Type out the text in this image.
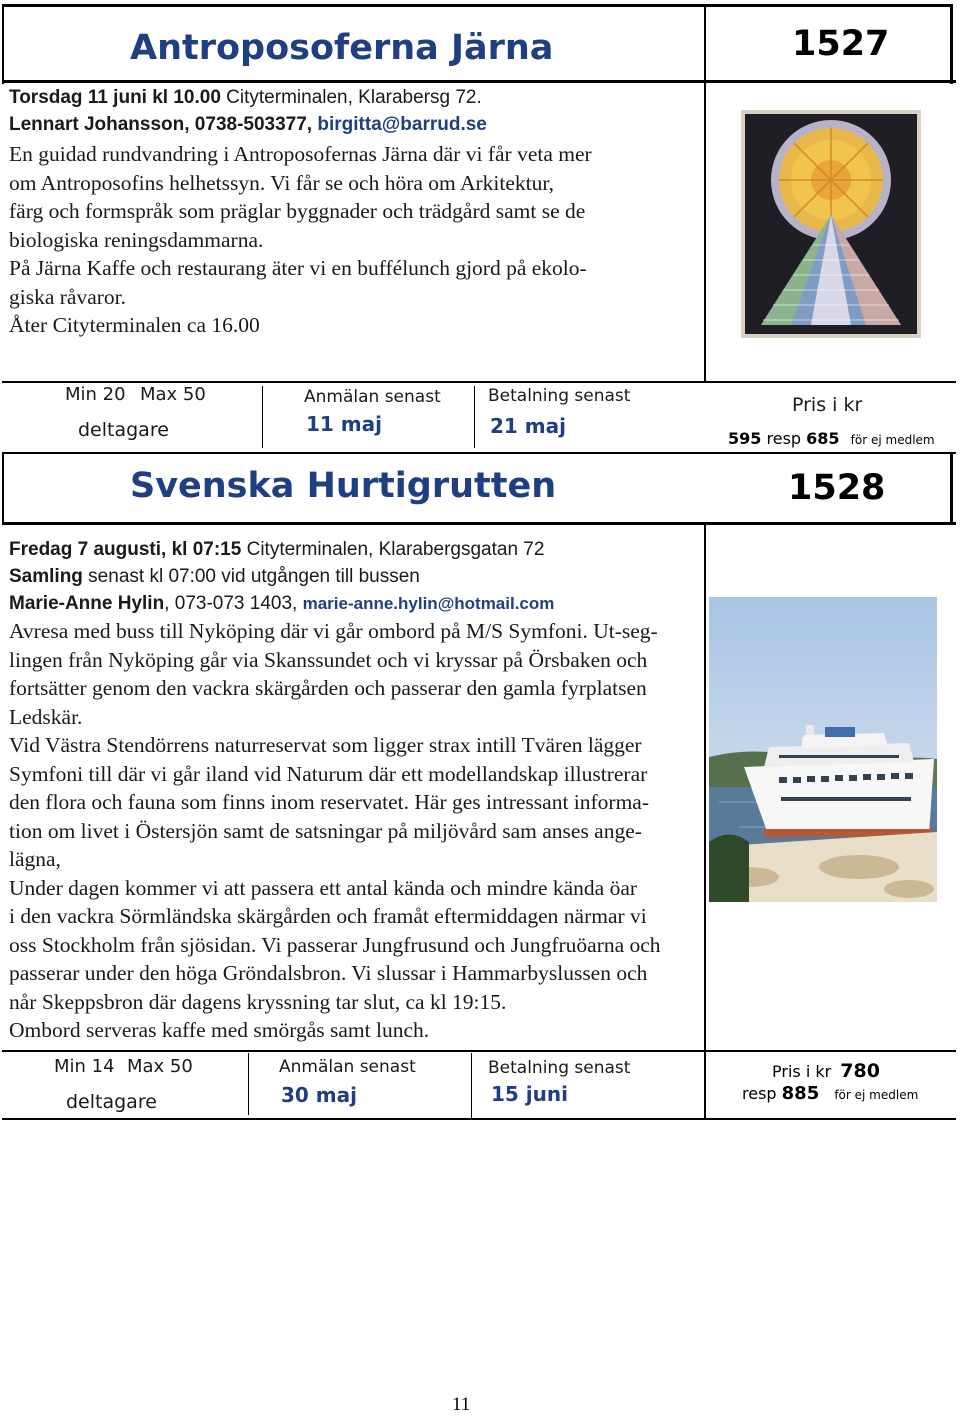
Antroposoferna Järna	1527
Torsdag 11 juni kl 10.00 Cityterminalen, Klarabersg 72.
Lennart Johansson, 0738-503377, birgitta@barrud.se
En guidad rundvandring i Antroposofernas Järna där vi får veta mer
om Antroposofins helhetssyn. Vi får se och höra om Arkitektur,
färg och formspråk som präglar byggnader och trädgård samt se de
biologiska reningsdammarna.
På Järna Kaffe och restaurang äter vi en buffélunch gjord på ekolo-
giska råvaror.
Åter Cityterminalen ca 16.00
Min 20 Max 50
deltagare
Anmälan senast
11 maj
Betalning senast
21 maj
Pris i kr
595 resp 685 för ej medlem
Svenska Hurtigrutten	1528
Fredag 7 augusti, kl 07:15 Cityterminalen, Klarabergsgatan 72
Samling senast kl 07:00 vid utgången till bussen
Marie-Anne Hylin, 073-073 1403, marie-anne.hylin@hotmail.com
Avresa med buss till Nyköping där vi går ombord på M/S Symfoni. Ut-seg-
lingen från Nyköping går via Skanssundet och vi kryssar på Örsbaken och
fortsätter genom den vackra skärgården och passerar den gamla fyrplatsen
Ledskär.
Vid Västra Stendörrens naturreservat som ligger strax intill Tvären lägger
Symfoni till där vi går iland vid Naturum där ett modellandskap illustrerar
den flora och fauna som finns inom reservatet. Här ges intressant informa-
tion om livet i Östersjön samt de satsningar på miljövård sam anses ange-
lägna,
Under dagen kommer vi att passera ett antal kända och mindre kända öar
i den vackra Sörmländska skärgården och framåt eftermiddagen närmar vi
oss Stockholm från sjösidan. Vi passerar Jungfrusund och Jungfruöarna och
passerar under den höga Gröndalsbron. Vi slussar i Hammarbyslussen och
når Skeppsbron där dagens kryssning tar slut, ca kl 19:15.
Ombord serveras kaffe med smörgås samt lunch.
Min 14 Max 50
deltagare
Anmälan senast
30 maj
Betalning senast
15 juni
Pris i kr 780
resp 885 för ej medlem
11
